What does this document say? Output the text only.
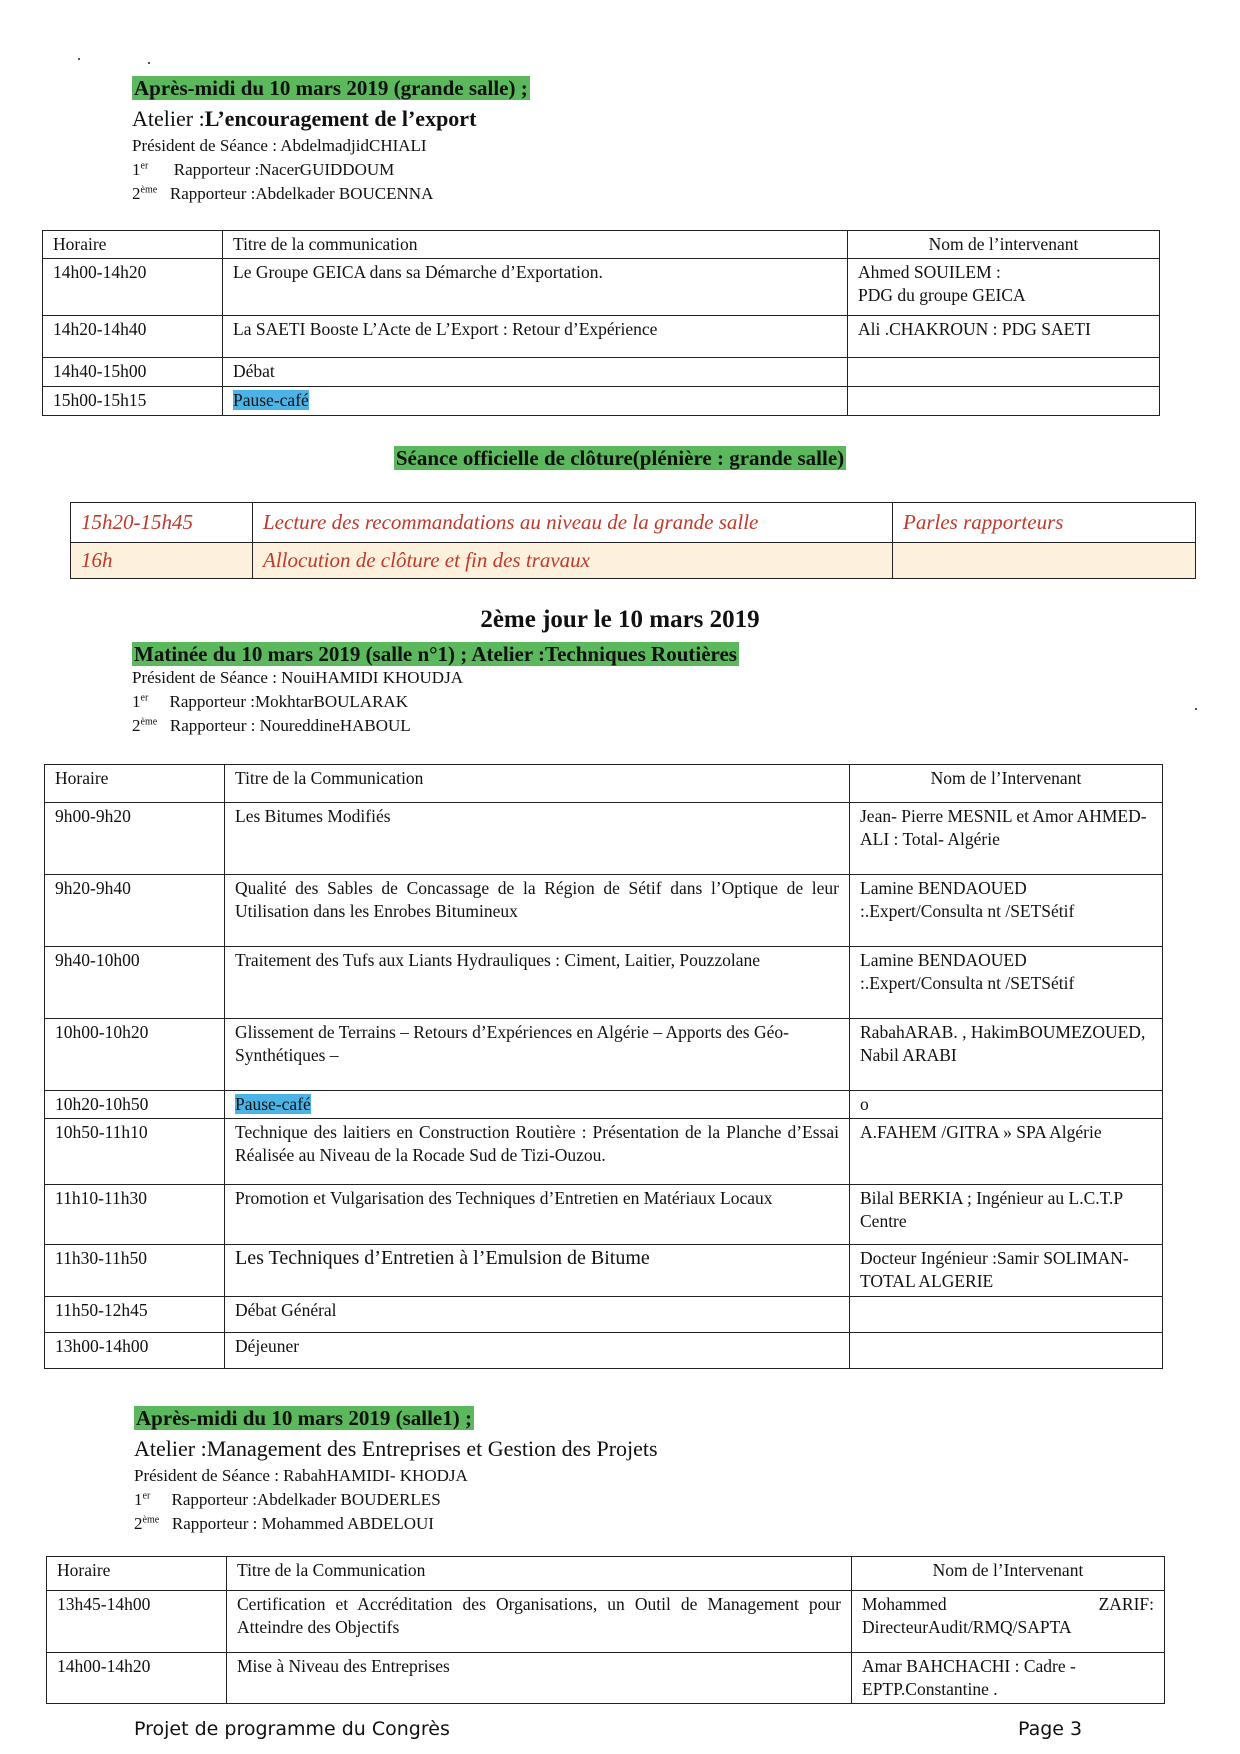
Après-midi du 10 mars 2019 (grande salle) ;
Atelier :L’encouragement de l’export
Président de Séance : AbdelmadjidCHIALI
1er Rapporteur :NacerGUIDDOUM
2ème Rapporteur :Abdelkader BOUCENNA
Horaire	Titre de la communication	Nom de l’intervenant
14h00-14h20	Le Groupe GEICA dans sa Démarche d’Exportation.	Ahmed SOUILEM :
PDG du groupe GEICA

14h20-14h40	La SAETI Booste L’Acte de L’Export : Retour d’Expérience	Ali .CHAKROUN : PDG SAETI
14h40-15h00	Débat	
15h00-15h15	Pause-café	
Séance officielle de clôture(plénière : grande salle)
15h20-15h45	Lecture des recommandations au niveau de la grande salle	Parles rapporteurs
16h	Allocution de clôture et fin des travaux	
2ème jour le 10 mars 2019
Matinée du 10 mars 2019 (salle n°1) ; Atelier :Techniques Routières
Président de Séance : NouiHAMIDI KHOUDJA
1er Rapporteur :MokhtarBOULARAK
2ème Rapporteur : NoureddineHABOUL
Horaire	Titre de la Communication	Nom de l’Intervenant
9h00-9h20	Les Bitumes Modifiés	Jean- Pierre MESNIL et Amor AHMED-ALI : Total- Algérie
9h20-9h40	Qualité des Sables de Concassage de la Région de Sétif dans l’Optique de leur Utilisation dans les Enrobes Bitumineux	Lamine BENDAOUED :.Expert/Consulta nt /SETSétif
9h40-10h00	Traitement des Tufs aux Liants Hydrauliques : Ciment, Laitier, Pouzzolane	Lamine BENDAOUED :.Expert/Consulta nt /SETSétif
10h00-10h20	Glissement de Terrains – Retours d’Expériences en Algérie – Apports des Géo-Synthétiques –	RabahARAB. , HakimBOUMEZOUED, Nabil ARABI
10h20-10h50	Pause-café	o
10h50-11h10	Technique des laitiers en Construction Routière : Présentation de la Planche d’Essai Réalisée au Niveau de la Rocade Sud de Tizi-Ouzou.	A.FAHEM /GITRA » SPA Algérie
11h10-11h30	Promotion et Vulgarisation des Techniques d’Entretien en Matériaux Locaux	Bilal BERKIA ; Ingénieur au L.C.T.P Centre
11h30-11h50	Les Techniques d’Entretien à l’Emulsion de Bitume	Docteur Ingénieur :Samir SOLIMAN- TOTAL ALGERIE
11h50-12h45	Débat Général	
13h00-14h00	Déjeuner	
Après-midi du 10 mars 2019 (salle1) ;
Atelier :Management des Entreprises et Gestion des Projets
Président de Séance : RabahHAMIDI- KHODJA
1er Rapporteur :Abdelkader BOUDERLES
2ème Rapporteur : Mohammed ABDELOUI
Horaire	Titre de la Communication	Nom de l’Intervenant
13h45-14h00	Certification et Accréditation des Organisations, un Outil de Management pour Atteindre des Objectifs	Mohammed ZARIF: DirecteurAudit/RMQ/SAPTA
14h00-14h20	Mise à Niveau des Entreprises	Amar BAHCHACHI : Cadre -EPTP.Constantine .
Projet de programme du Congrès	Page 3
